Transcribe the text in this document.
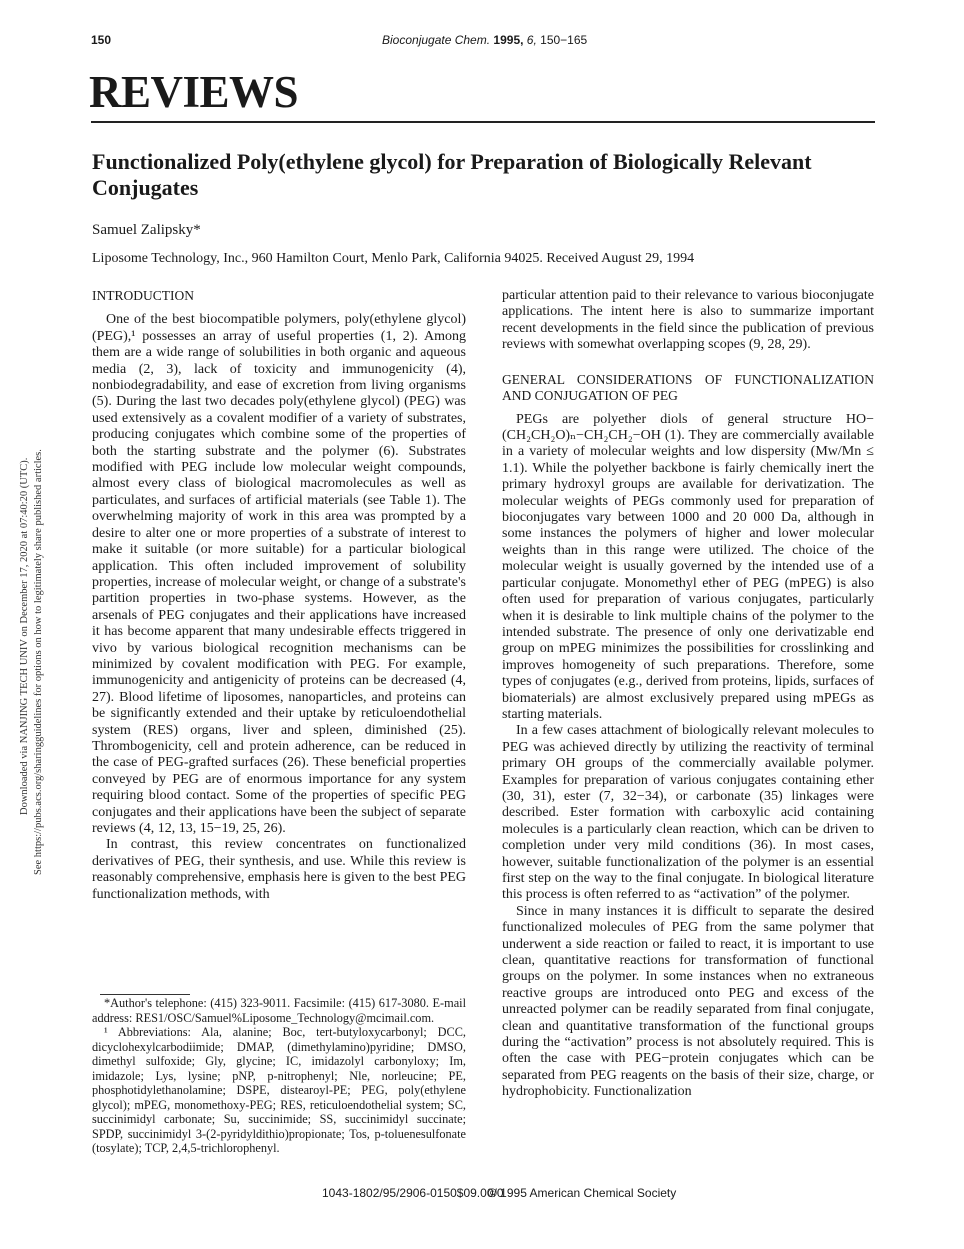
150	Bioconjugate Chem. 1995, 6, 150−165
REVIEWS
Functionalized Poly(ethylene glycol) for Preparation of Biologically Relevant Conjugates
Samuel Zalipsky*
Liposome Technology, Inc., 960 Hamilton Court, Menlo Park, California 94025. Received August 29, 1994
Downloaded via NANJING TECH UNIV on December 17, 2020 at 07:40:20 (UTC). See https://pubs.acs.org/sharingguidelines for options on how to legitimately share published articles.
INTRODUCTION

One of the best biocompatible polymers, poly(ethylene glycol) (PEG),¹ possesses an array of useful properties (1, 2). Among them are a wide range of solubilities in both organic and aqueous media (2, 3), lack of toxicity and immunogenicity (4), nonbiodegradability, and ease of excretion from living organisms (5). During the last two decades poly(ethylene glycol) (PEG) was used extensively as a covalent modifier of a variety of substrates, producing conjugates which combine some of the properties of both the starting substrate and the polymer (6). Substrates modified with PEG include low molecular weight compounds, almost every class of biological macromolecules as well as particulates, and surfaces of artificial materials (see Table 1). The overwhelming majority of work in this area was prompted by a desire to alter one or more properties of a substrate of interest to make it suitable (or more suitable) for a particular biological application. This often included improvement of solubility properties, increase of molecular weight, or change of a substrate's partition properties in two-phase systems. However, as the arsenals of PEG conjugates and their applications have increased it has become apparent that many undesirable effects triggered in vivo by various biological recognition mechanisms can be minimized by covalent modification with PEG. For example, immunogenicity and antigenicity of proteins can be decreased (4, 27). Blood lifetime of liposomes, nanoparticles, and proteins can be significantly extended and their uptake by reticuloendothelial system (RES) organs, liver and spleen, diminished (25). Thrombogenicity, cell and protein adherence, can be reduced in the case of PEG-grafted surfaces (26). These beneficial properties conveyed by PEG are of enormous importance for any system requiring blood contact. Some of the properties of specific PEG conjugates and their applications have been the subject of separate reviews (4, 12, 13, 15−19, 25, 26).

In contrast, this review concentrates on functionalized derivatives of PEG, their synthesis, and use. While this review is reasonably comprehensive, emphasis here is given to the best PEG functionalization methods, with

*Author's telephone: (415) 323-9011. Facsimile: (415) 617-3080. E-mail address: RES1/OSC/Samuel%Liposome_Technology@mcimail.com.

¹ Abbreviations: Ala, alanine; Boc, tert-butyloxycarbonyl; DCC, dicyclohexylcarbodiimide; DMAP, (dimethylamino)pyridine; DMSO, dimethyl sulfoxide; Gly, glycine; IC, imidazolyl carbonyloxy; Im, imidazole; Lys, lysine; pNP, p-nitrophenyl; Nle, norleucine; PE, phosphotidylethanolamine; DSPE, distearoyl-PE; PEG, poly(ethylene glycol); mPEG, monomethoxy-PEG; RES, reticuloendothelial system; SC, succinimidyl carbonate; Su, succinimide; SS, succinimidyl succinate; SPDP, succinimidyl 3-(2-pyridyldithio)propionate; Tos, p-toluenesulfonate (tosylate); TCP, 2,4,5-trichlorophenyl.

particular attention paid to their relevance to various bioconjugate applications. The intent here is also to summarize important recent developments in the field since the publication of previous reviews with somewhat overlapping scopes (9, 28, 29).

GENERAL CONSIDERATIONS OF FUNCTIONALIZATION AND CONJUGATION OF PEG

PEGs are polyether diols of general structure HO−(CH₂CH₂O)ₙ−CH₂CH₂−OH (1). They are commercially available in a variety of molecular weights and low dispersity (Mw/Mn ≤ 1.1). While the polyether backbone is fairly chemically inert the primary hydroxyl groups are available for derivatization. The molecular weights of PEGs commonly used for preparation of bioconjugates vary between 1000 and 20 000 Da, although in some instances the polymers of higher and lower molecular weights than in this range were utilized. The choice of the molecular weight is usually governed by the intended use of a particular conjugate. Monomethyl ether of PEG (mPEG) is also often used for preparation of various conjugates, particularly when it is desirable to link multiple chains of the polymer to the intended substrate. The presence of only one derivatizable end group on mPEG minimizes the possibilities for crosslinking and improves homogeneity of such preparations. Therefore, some types of conjugates (e.g., derived from proteins, lipids, surfaces of biomaterials) are almost exclusively prepared using mPEGs as starting materials.

In a few cases attachment of biologically relevant molecules to PEG was achieved directly by utilizing the reactivity of terminal primary OH groups of the commercially available polymer. Examples for preparation of various conjugates containing ether (30, 31), ester (7, 32−34), or carbonate (35) linkages were described. Ester formation with carboxylic acid containing molecules is a particularly clean reaction, which can be driven to completion under very mild conditions (36). In most cases, however, suitable functionalization of the polymer is an essential first step on the way to the final conjugate. In biological literature this process is often referred to as “activation” of the polymer.

Since in many instances it is difficult to separate the desired functionalized molecules of PEG from the same polymer that underwent a side reaction or failed to react, it is important to use clean, quantitative reactions for transformation of functional groups on the polymer. In some instances when no extraneous reactive groups are introduced onto PEG and excess of the unreacted polymer can be readily separated from final conjugate, clean and quantitative transformation of the functional groups during the “activation” process is not absolutely required. This is often the case with PEG−protein conjugates which can be separated from PEG reagents on the basis of their size, charge, or hydrophobicity. Functionalization

1043-1802/95/2906-0150$09.00/0
© 1995 American Chemical Society
